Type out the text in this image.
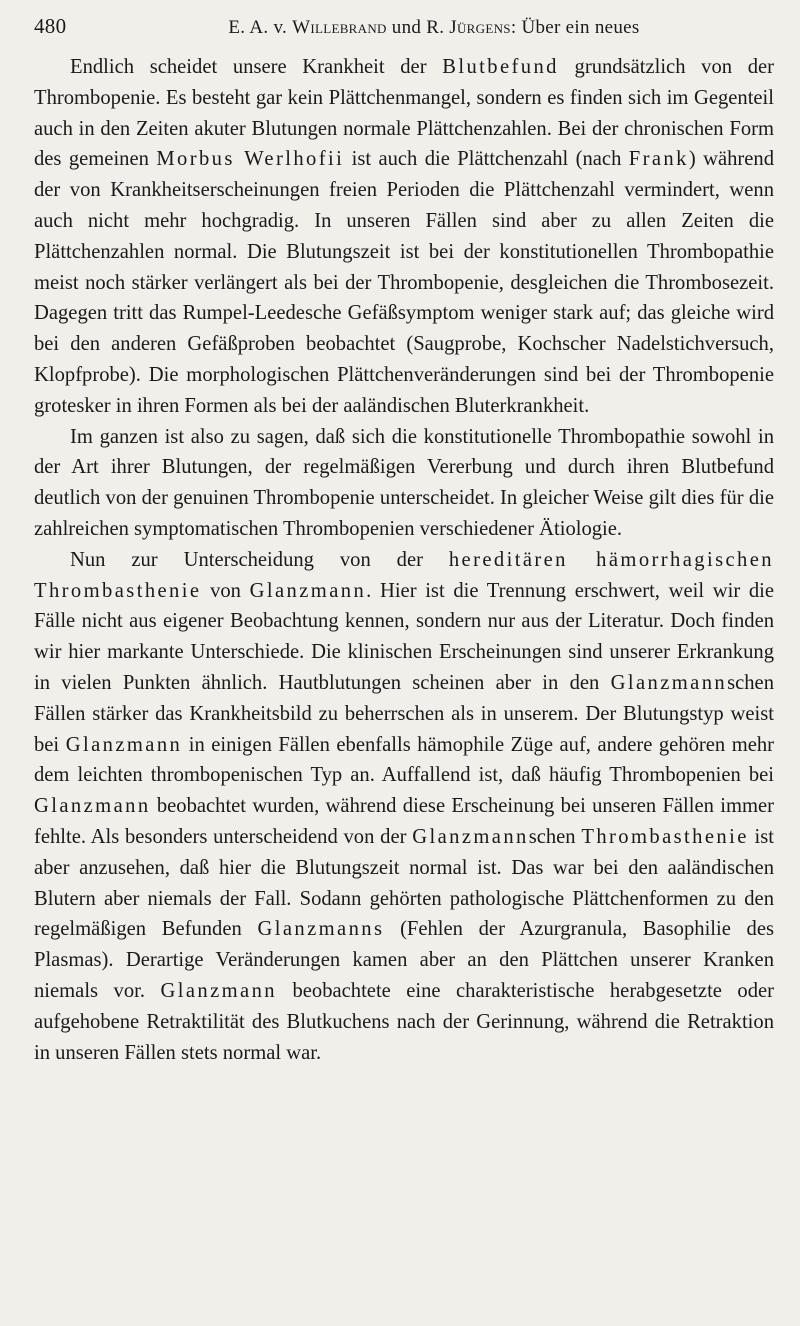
480	E. A. v. Willebrand und R. Jürgens: Über ein neues

Endlich scheidet unsere Krankheit der Blutbefund grundsätzlich von der Thrombopenie. Es besteht gar kein Plättchenmangel, sondern es finden sich im Gegenteil auch in den Zeiten akuter Blutungen normale Plättchenzahlen. Bei der chronischen Form des gemeinen Morbus Werlhofii ist auch die Plättchenzahl (nach Frank) während der von Krankheitserscheinungen freien Perioden die Plättchenzahl vermindert, wenn auch nicht mehr hochgradig. In unseren Fällen sind aber zu allen Zeiten die Plättchenzahlen normal. Die Blutungszeit ist bei der konstitutionellen Thrombopathie meist noch stärker verlängert als bei der Thrombopenie, desgleichen die Thrombosezeit. Dagegen tritt das Rumpel-Leedesche Gefäßsymptom weniger stark auf; das gleiche wird bei den anderen Gefäßproben beobachtet (Saugprobe, Kochscher Nadelstichversuch, Klopfprobe). Die morphologischen Plättchenveränderungen sind bei der Thrombopenie grotesker in ihren Formen als bei der aaländischen Bluterkrankheit.

Im ganzen ist also zu sagen, daß sich die konstitutionelle Thrombopathie sowohl in der Art ihrer Blutungen, der regelmäßigen Vererbung und durch ihren Blutbefund deutlich von der genuinen Thrombopenie unterscheidet. In gleicher Weise gilt dies für die zahlreichen symptomatischen Thrombopenien verschiedener Ätiologie.

Nun zur Unterscheidung von der hereditären hämorrhagischen Thrombasthenie von Glanzmann. Hier ist die Trennung erschwert, weil wir die Fälle nicht aus eigener Beobachtung kennen, sondern nur aus der Literatur. Doch finden wir hier markante Unterschiede. Die klinischen Erscheinungen sind unserer Erkrankung in vielen Punkten ähnlich. Hautblutungen scheinen aber in den Glanzmannschen Fällen stärker das Krankheitsbild zu beherrschen als in unserem. Der Blutungstyp weist bei Glanzmann in einigen Fällen ebenfalls hämophile Züge auf, andere gehören mehr dem leichten thrombopenischen Typ an. Auffallend ist, daß häufig Thrombopenien bei Glanzmann beobachtet wurden, während diese Erscheinung bei unseren Fällen immer fehlte. Als besonders unterscheidend von der Glanzmannschen Thrombasthenie ist aber anzusehen, daß hier die Blutungszeit normal ist. Das war bei den aaländischen Blutern aber niemals der Fall. Sodann gehörten pathologische Plättchenformen zu den regelmäßigen Befunden Glanzmanns (Fehlen der Azurgranula, Basophilie des Plasmas). Derartige Veränderungen kamen aber an den Plättchen unserer Kranken niemals vor. Glanzmann beobachtete eine charakteristische herabgesetzte oder aufgehobene Retraktilität des Blutkuchens nach der Gerinnung, während die Retraktion in unseren Fällen stets normal war.
